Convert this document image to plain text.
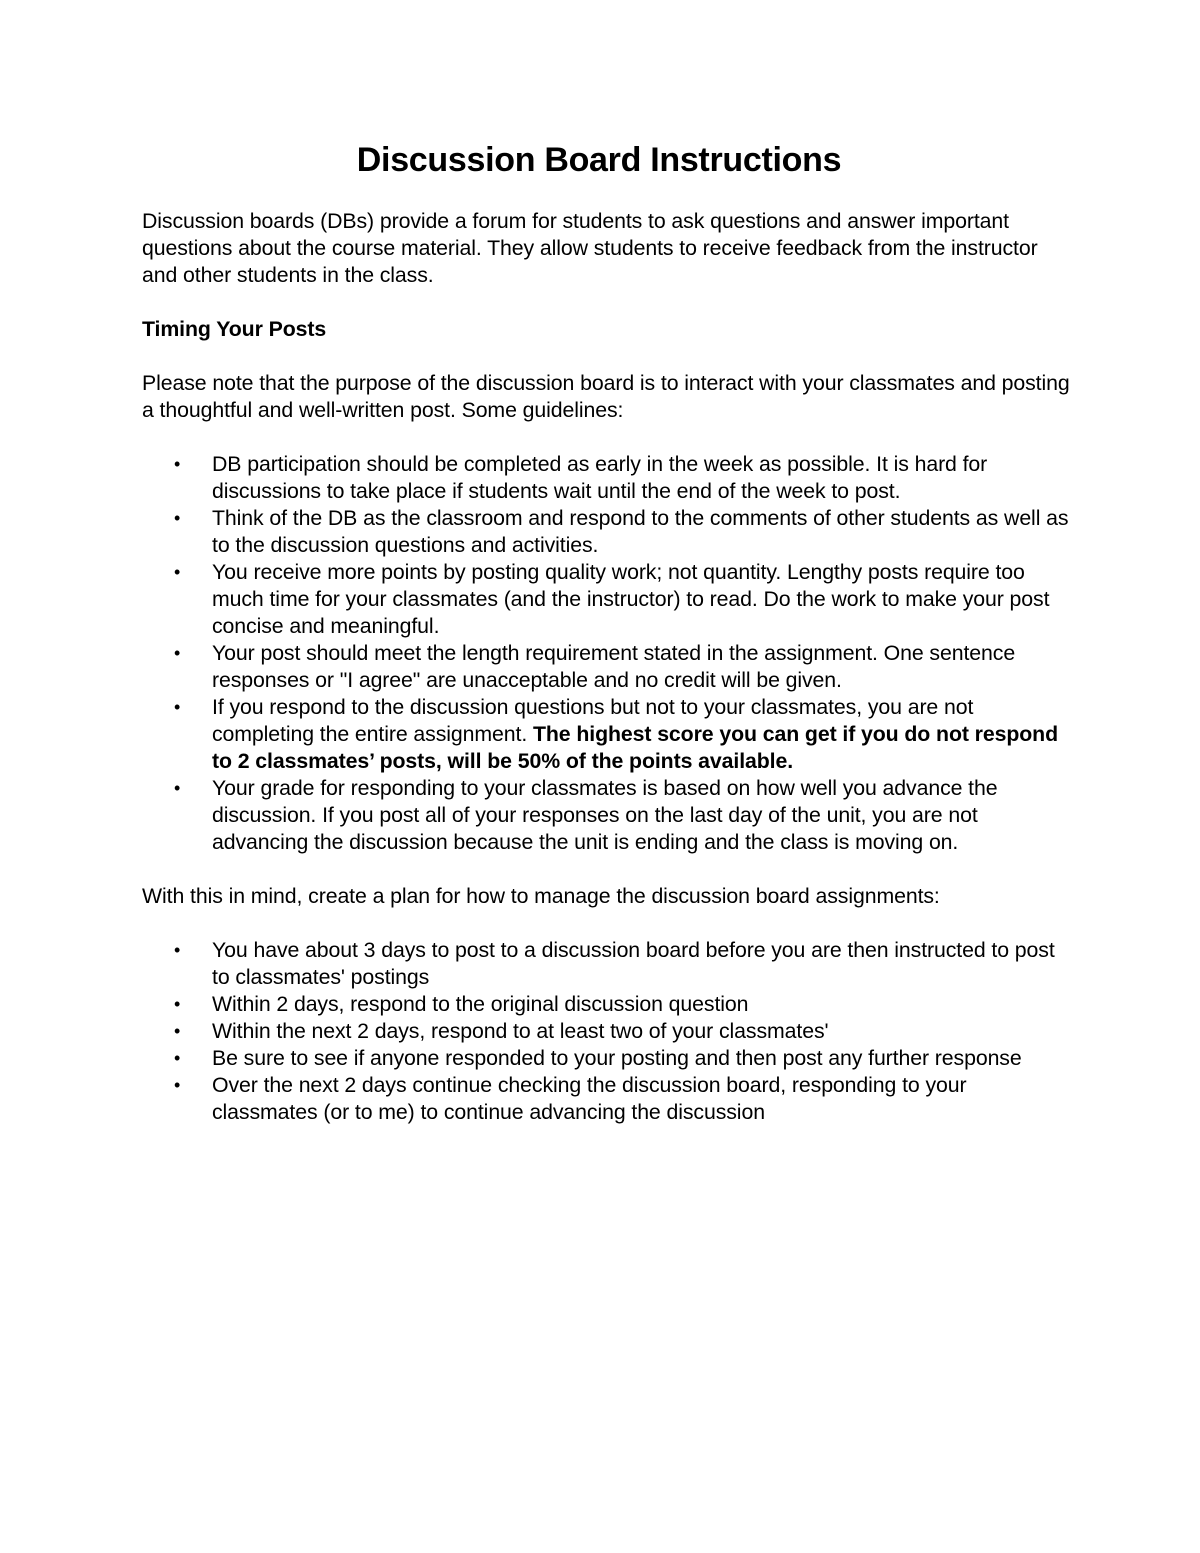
Discussion Board Instructions

Discussion boards (DBs) provide a forum for students to ask questions and answer important questions about the course material. They allow students to receive feedback from the instructor and other students in the class.

Timing Your Posts

Please note that the purpose of the discussion board is to interact with your classmates and posting a thoughtful and well-written post. Some guidelines:

• DB participation should be completed as early in the week as possible. It is hard for discussions to take place if students wait until the end of the week to post.
• Think of the DB as the classroom and respond to the comments of other students as well as to the discussion questions and activities.
• You receive more points by posting quality work; not quantity. Lengthy posts require too much time for your classmates (and the instructor) to read. Do the work to make your post concise and meaningful.
• Your post should meet the length requirement stated in the assignment. One sentence responses or "I agree" are unacceptable and no credit will be given.
• If you respond to the discussion questions but not to your classmates, you are not completing the entire assignment. The highest score you can get if you do not respond to 2 classmates’ posts, will be 50% of the points available.
• Your grade for responding to your classmates is based on how well you advance the discussion. If you post all of your responses on the last day of the unit, you are not advancing the discussion because the unit is ending and the class is moving on.

With this in mind, create a plan for how to manage the discussion board assignments:

• You have about 3 days to post to a discussion board before you are then instructed to post to classmates' postings
• Within 2 days, respond to the original discussion question
• Within the next 2 days, respond to at least two of your classmates'
• Be sure to see if anyone responded to your posting and then post any further response
• Over the next 2 days continue checking the discussion board, responding to your classmates (or to me) to continue advancing the discussion
